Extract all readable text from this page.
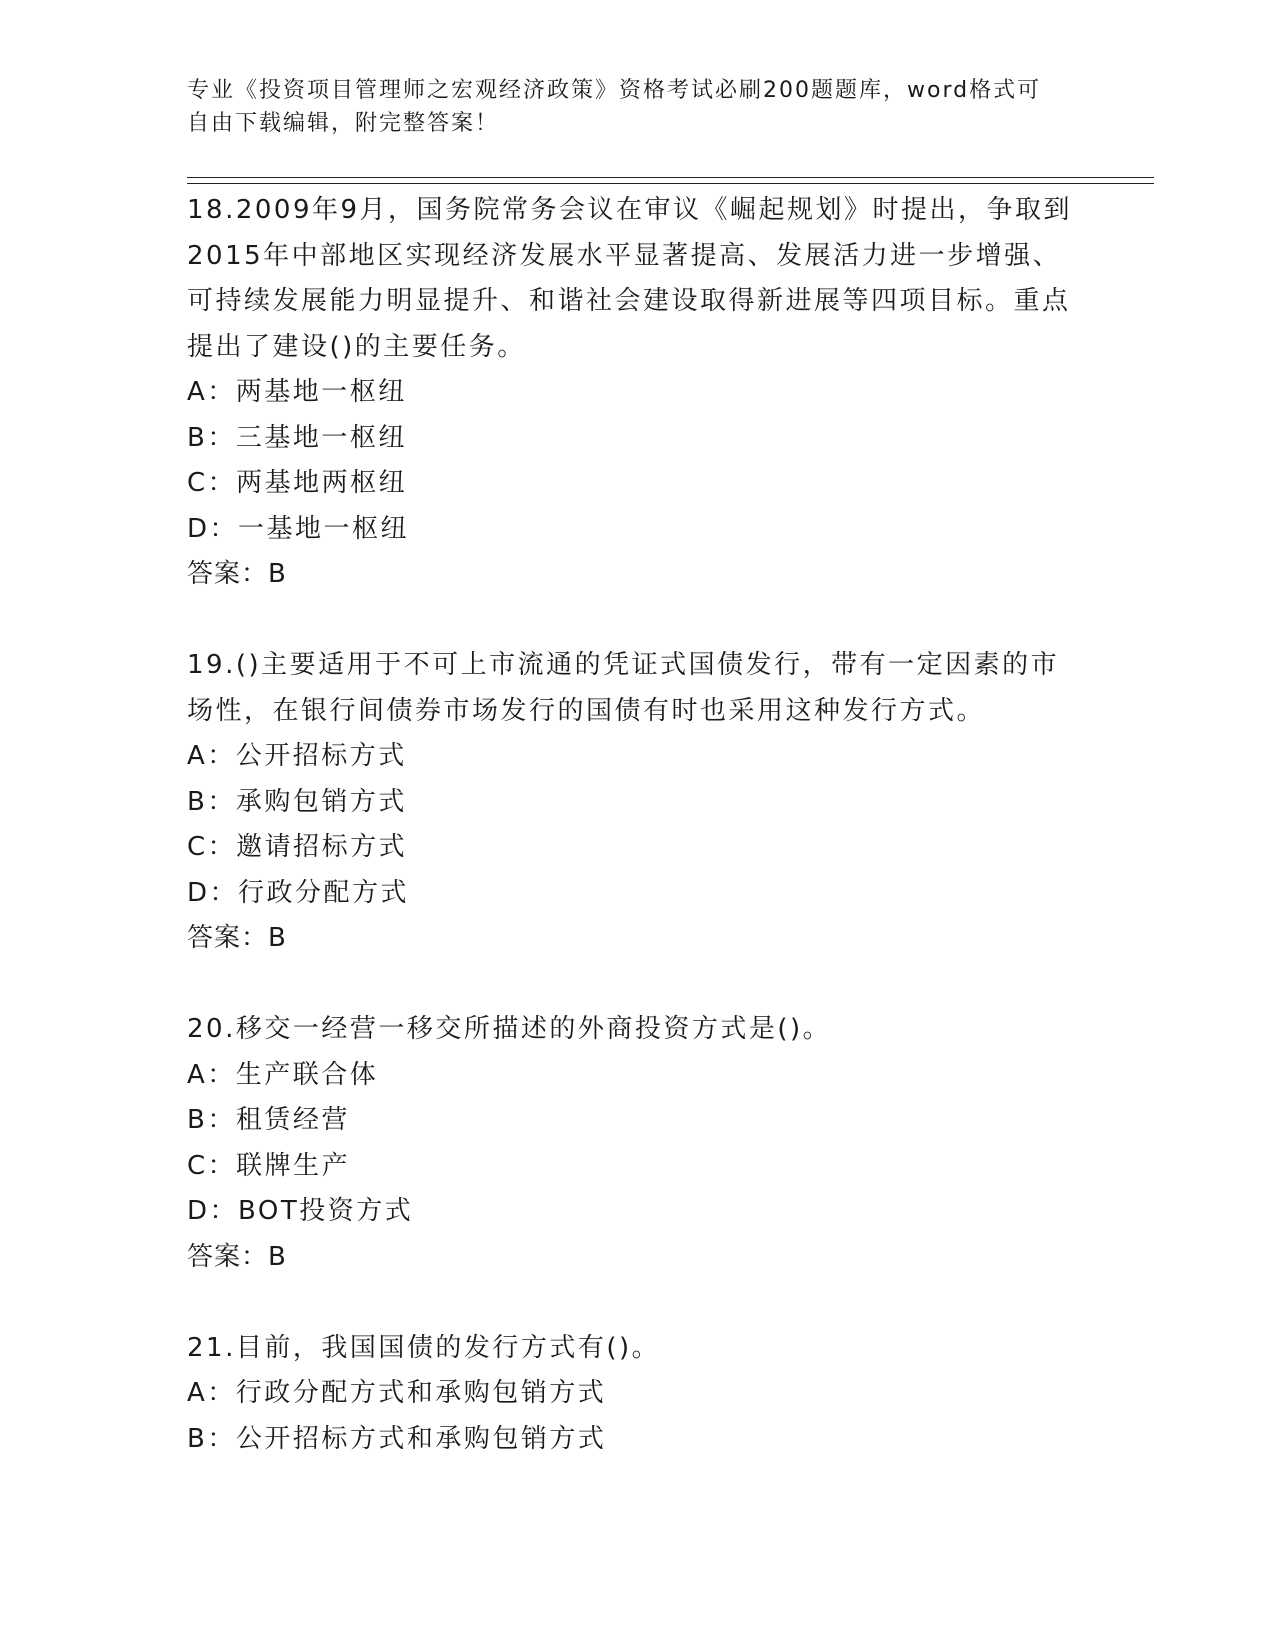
专业《投资项目管理师之宏观经济政策》资格考试必刷200题题库，word格式可
自由下载编辑，附完整答案！

18.2009年9月，国务院常务会议在审议《崛起规划》时提出，争取到2015年中部地区实现经济发展水平显著提高、发展活力进一步增强、可持续发展能力明显提升、和谐社会建设取得新进展等四项目标。重点提出了建设()的主要任务。

A：两基地一枢纽

B：三基地一枢纽

C：两基地两枢纽

D：一基地一枢纽

答案：B

19.()主要适用于不可上市流通的凭证式国债发行，带有一定因素的市场性，在银行间债券市场发行的国债有时也采用这种发行方式。

A：公开招标方式

B：承购包销方式

C：邀请招标方式

D：行政分配方式

答案：B

20.移交一经营一移交所描述的外商投资方式是()。

A：生产联合体

B：租赁经营

C：联牌生产

D：BOT投资方式

答案：B

21.目前，我国国债的发行方式有()。

A：行政分配方式和承购包销方式

B：公开招标方式和承购包销方式
